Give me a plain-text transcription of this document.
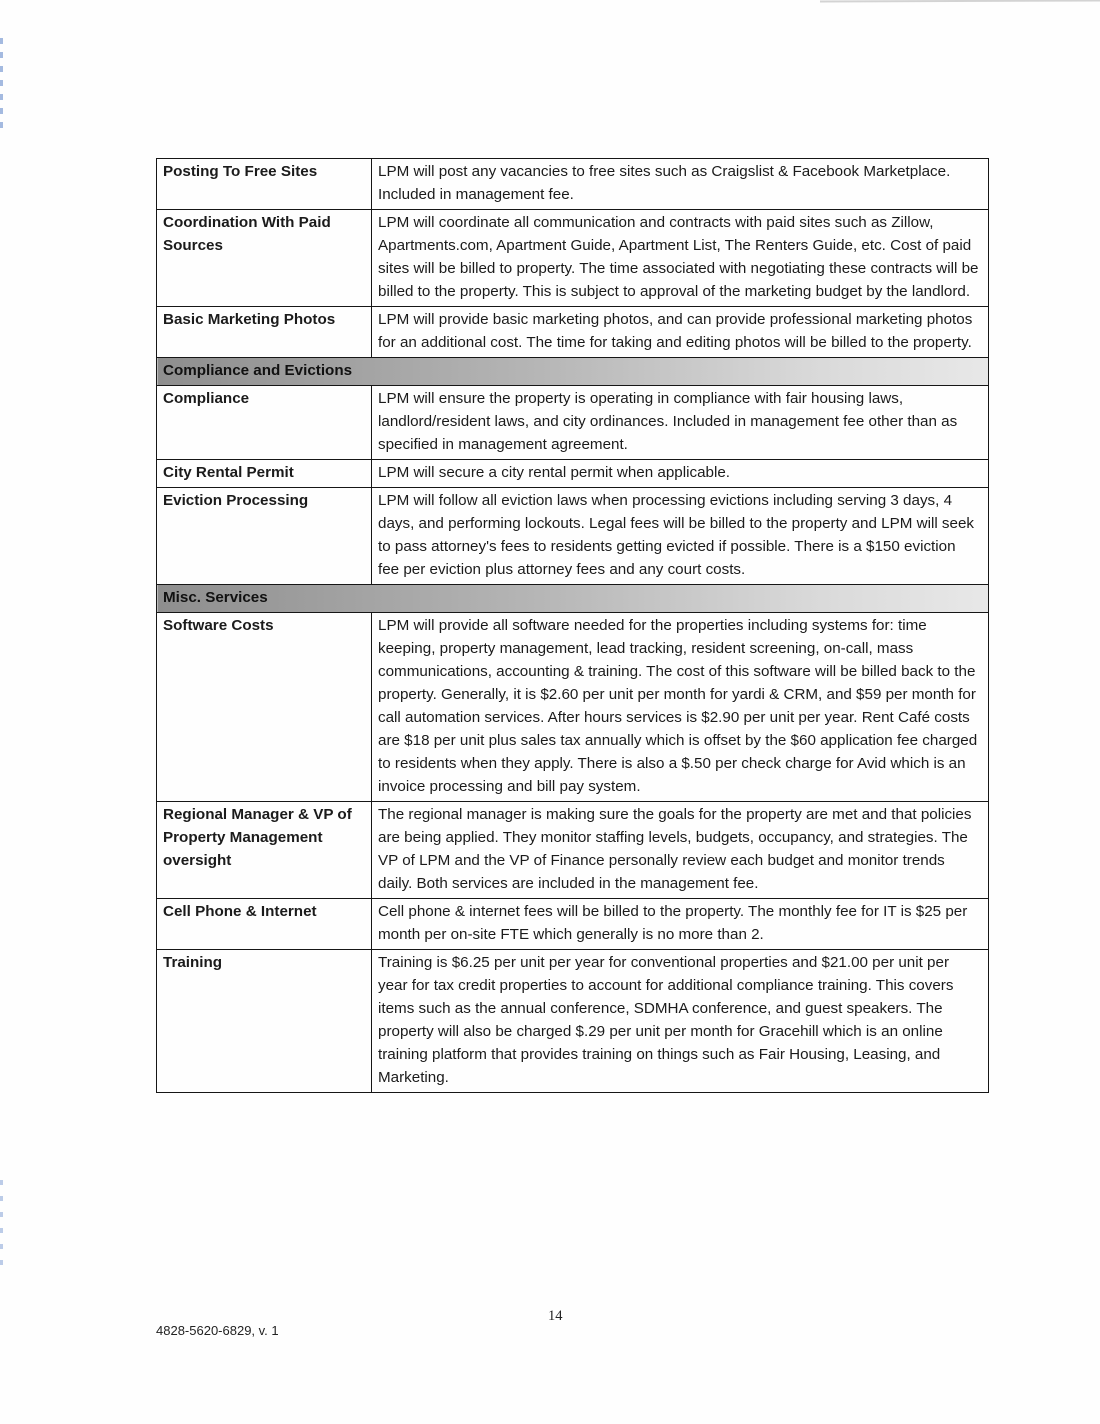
Posting To Free Sites	LPM will post any vacancies to free sites such as Craigslist & Facebook Marketplace. Included in management fee.
Coordination With Paid Sources	LPM will coordinate all communication and contracts with paid sites such as Zillow, Apartments.com, Apartment Guide, Apartment List, The Renters Guide, etc. Cost of paid sites will be billed to property. The time associated with negotiating these contracts will be billed to the property. This is subject to approval of the marketing budget by the landlord.
Basic Marketing Photos	LPM will provide basic marketing photos, and can provide professional marketing photos for an additional cost. The time for taking and editing photos will be billed to the property.
Compliance and Evictions	
Compliance	LPM will ensure the property is operating in compliance with fair housing laws, landlord/resident laws, and city ordinances. Included in management fee other than as specified in management agreement.
City Rental Permit	LPM will secure a city rental permit when applicable.
Eviction Processing	LPM will follow all eviction laws when processing evictions including serving 3 days, 4 days, and performing lockouts. Legal fees will be billed to the property and LPM will seek to pass attorney's fees to residents getting evicted if possible. There is a $150 eviction fee per eviction plus attorney fees and any court costs.
Misc. Services	
Software Costs	LPM will provide all software needed for the properties including systems for: time keeping, property management, lead tracking, resident screening, on-call, mass communications, accounting & training. The cost of this software will be billed back to the property. Generally, it is $2.60 per unit per month for yardi & CRM, and $59 per month for call automation services. After hours services is $2.90 per unit per year. Rent Café costs are $18 per unit plus sales tax annually which is offset by the $60 application fee charged to residents when they apply. There is also a $.50 per check charge for Avid which is an invoice processing and bill pay system.
Regional Manager & VP of Property Management oversight	The regional manager is making sure the goals for the property are met and that policies are being applied. They monitor staffing levels, budgets, occupancy, and strategies. The VP of LPM and the VP of Finance personally review each budget and monitor trends daily. Both services are included in the management fee.
Cell Phone & Internet	Cell phone & internet fees will be billed to the property. The monthly fee for IT is $25 per month per on-site FTE which generally is no more than 2.
Training	Training is $6.25 per unit per year for conventional properties and $21.00 per unit per year for tax credit properties to account for additional compliance training. This covers items such as the annual conference, SDMHA conference, and guest speakers. The property will also be charged $.29 per unit per month for Gracehill which is an online training platform that provides training on things such as Fair Housing, Leasing, and Marketing.
4828-5620-6829, v. 1
14
